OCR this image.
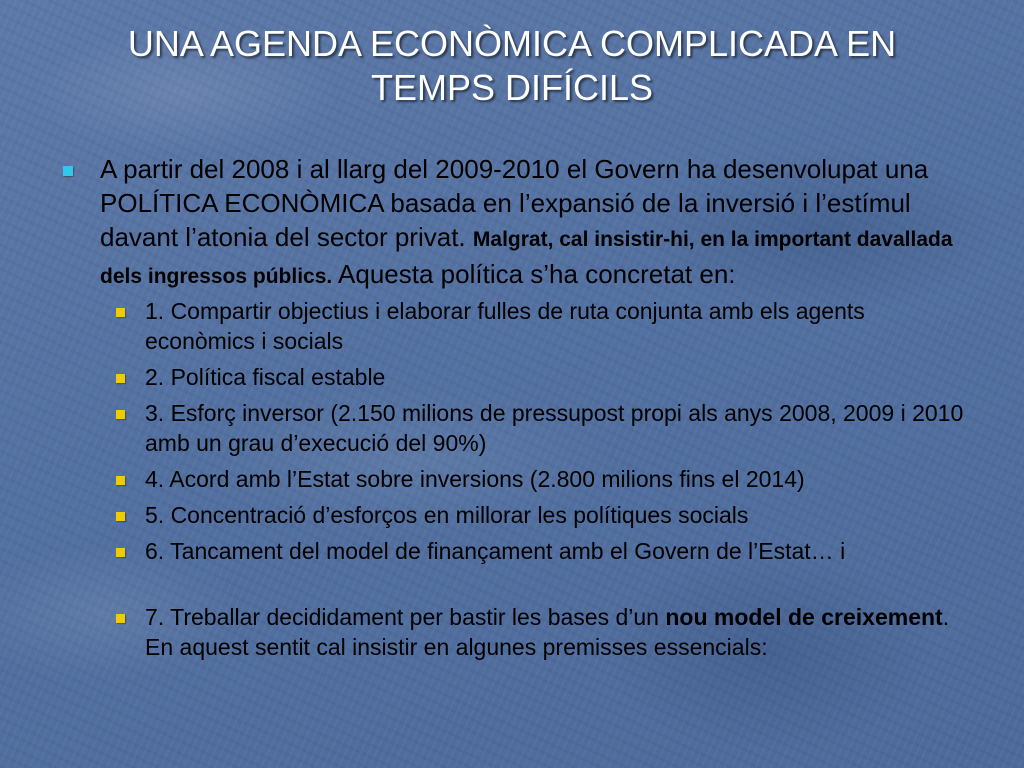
UNA AGENDA ECONÒMICA COMPLICADA EN
TEMPS DIFÍCILS
A partir del 2008 i al llarg del 2009-2010 el Govern ha desenvolupat una POLÍTICA ECONÒMICA basada en l’expansió de la inversió i l’estímul davant l’atonia del sector privat. Malgrat, cal insistir-hi, en la important davallada dels ingressos públics. Aquesta política s’ha concretat en:
1. Compartir objectius i elaborar fulles de ruta conjunta amb els agents econòmics i socials
2. Política fiscal estable
3. Esforç inversor (2.150 milions de pressupost propi als anys 2008, 2009 i 2010 amb un grau d’execució del 90%)
4. Acord amb l’Estat sobre inversions (2.800 milions fins el 2014)
5. Concentració d’esforços en millorar les polítiques socials
6. Tancament del model de finançament amb el Govern de l’Estat… i
7. Treballar decididament per bastir les bases d’un nou model de creixement. En aquest sentit cal insistir en algunes premisses essencials:
